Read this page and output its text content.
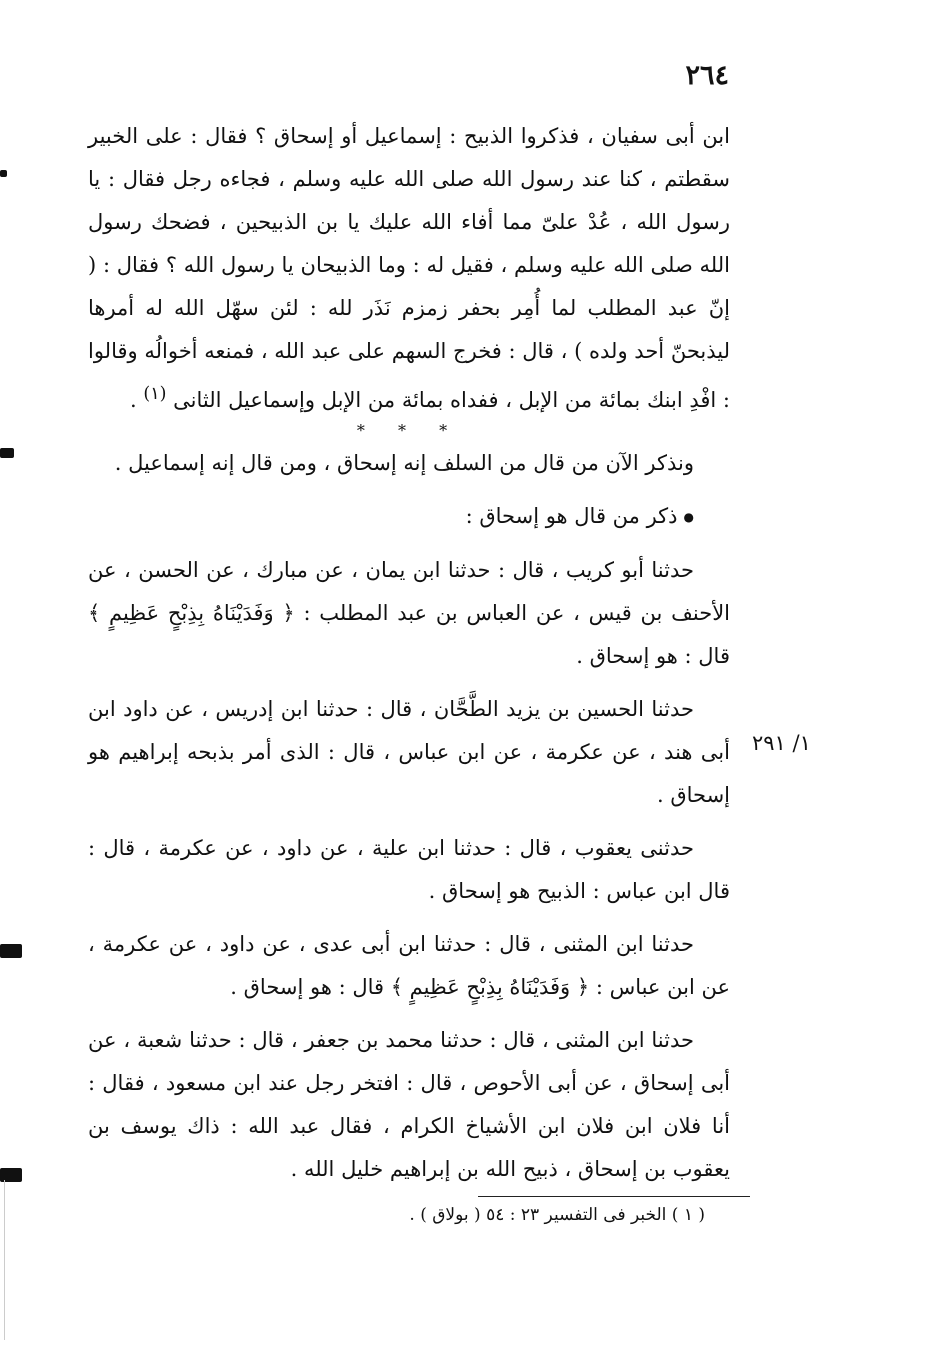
٢٦٤
١/ ٢٩١

ابن أبى سفيان ، فذكروا الذبيح : إسماعيل أو إسحاق ؟ فقال : على الخبير سقطتم ، كنا عند رسول الله صلى الله عليه وسلم ، فجاءه رجل فقال : يا رسول الله ، عُدْ علىّ مما أفاء الله عليك يا بن الذبيحين ، فضحك رسول الله صلى الله عليه وسلم ، فقيل له : وما الذبيحان يا رسول الله ؟ فقال : ( إنّ عبد المطلب لما أُمِر بحفر زمزم نَذَر لله : لئن سهّل الله له أمرها ليذبحنّ أحد ولده ) ، قال : فخرج السهم على عبد الله ، فمنعه أخوالُه وقالوا : افْدِ ابنك بمائة من الإبل ، ففداه بمائة من الإبل وإسماعيل الثانى $^{(١)}$ .

* * *

ونذكر الآن من قال من السلف إنه إسحاق ، ومن قال إنه إسماعيل .

●ذكر من قال هو إسحاق :

حدثنا أبو كريب ، قال : حدثنا ابن يمان ، عن مبارك ، عن الحسن ، عن الأحنف بن قيس ، عن العباس بن عبد المطلب : ﴿ وَفَدَيْنَاهُ بِذِبْحٍ عَظِيمٍ ﴾ قال : هو إسحاق .

حدثنا الحسين بن يزيد الطَّحَّان ، قال : حدثنا ابن إدريس ، عن داود ابن أبى هند ، عن عكرمة ، عن ابن عباس ، قال : الذى أمر بذبحه إبراهيم هو إسحاق .

حدثنى يعقوب ، قال : حدثنا ابن علية ، عن داود ، عن عكرمة ، قال : قال ابن عباس : الذبيح هو إسحاق .

حدثنا ابن المثنى ، قال : حدثنا ابن أبى عدى ، عن داود ، عن عكرمة ، عن ابن عباس : ﴿ وَفَدَيْنَاهُ بِذِبْحٍ عَظِيمٍ ﴾ قال : هو إسحاق .

حدثنا ابن المثنى ، قال : حدثنا محمد بن جعفر ، قال : حدثنا شعبة ، عن أبى إسحاق ، عن أبى الأحوص ، قال : افتخر رجل عند ابن مسعود ، فقال : أنا فلان ابن فلان ابن الأشياخ الكرام ، فقال عبد الله : ذاك يوسف بن يعقوب بن إسحاق ، ذبيح الله بن إبراهيم خليل الله .

( ١ ) الخبر فى التفسير ٢٣ : ٥٤ ( بولاق ) .
